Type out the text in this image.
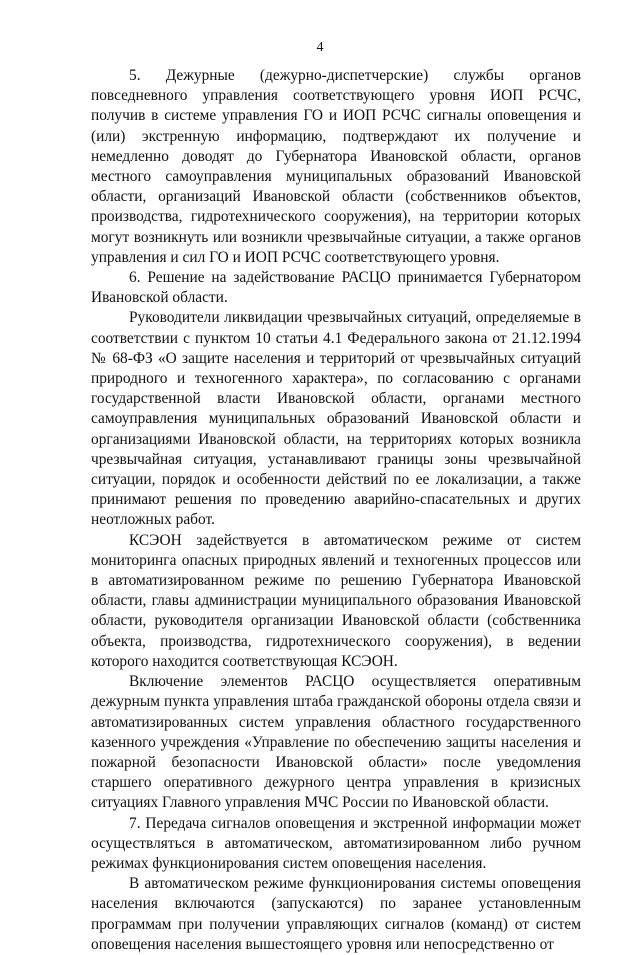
4

5. Дежурные (дежурно-диспетчерские) службы органов повседневного управления соответствующего уровня ИОП РСЧС, получив в системе управления ГО и ИОП РСЧС сигналы оповещения и (или) экстренную информацию, подтверждают их получение и немедленно доводят до Губернатора Ивановской области, органов местного самоуправления муниципальных образований Ивановской области, организаций Ивановской области (собственников объектов, производства, гидротехнического сооружения), на территории которых могут возникнуть или возникли чрезвычайные ситуации, а также органов управления и сил ГО и ИОП РСЧС соответствующего уровня.

6. Решение на задействование РАСЦО принимается Губернатором Ивановской области.

Руководители ликвидации чрезвычайных ситуаций, определяемые в соответствии с пунктом 10 статьи 4.1 Федерального закона от 21.12.1994 № 68-ФЗ «О защите населения и территорий от чрезвычайных ситуаций природного и техногенного характера», по согласованию с органами государственной власти Ивановской области, органами местного самоуправления муниципальных образований Ивановской области и организациями Ивановской области, на территориях которых возникла чрезвычайная ситуация, устанавливают границы зоны чрезвычайной ситуации, порядок и особенности действий по ее локализации, а также принимают решения по проведению аварийно-спасательных и других неотложных работ.

КСЭОН задействуется в автоматическом режиме от систем мониторинга опасных природных явлений и техногенных процессов или в автоматизированном режиме по решению Губернатора Ивановской области, главы администрации муниципального образования Ивановской области, руководителя организации Ивановской области (собственника объекта, производства, гидротехнического сооружения), в ведении которого находится соответствующая КСЭОН.

Включение элементов РАСЦО осуществляется оперативным дежурным пункта управления штаба гражданской обороны отдела связи и автоматизированных систем управления областного государственного казенного учреждения «Управление по обеспечению защиты населения и пожарной безопасности Ивановской области» после уведомления старшего оперативного дежурного центра управления в кризисных ситуациях Главного управления МЧС России по Ивановской области.

7. Передача сигналов оповещения и экстренной информации может осуществляться в автоматическом, автоматизированном либо ручном режимах функционирования систем оповещения населения.

В автоматическом режиме функционирования системы оповещения населения включаются (запускаются) по заранее установленным программам при получении управляющих сигналов (команд) от систем оповещения населения вышестоящего уровня или непосредственно от
